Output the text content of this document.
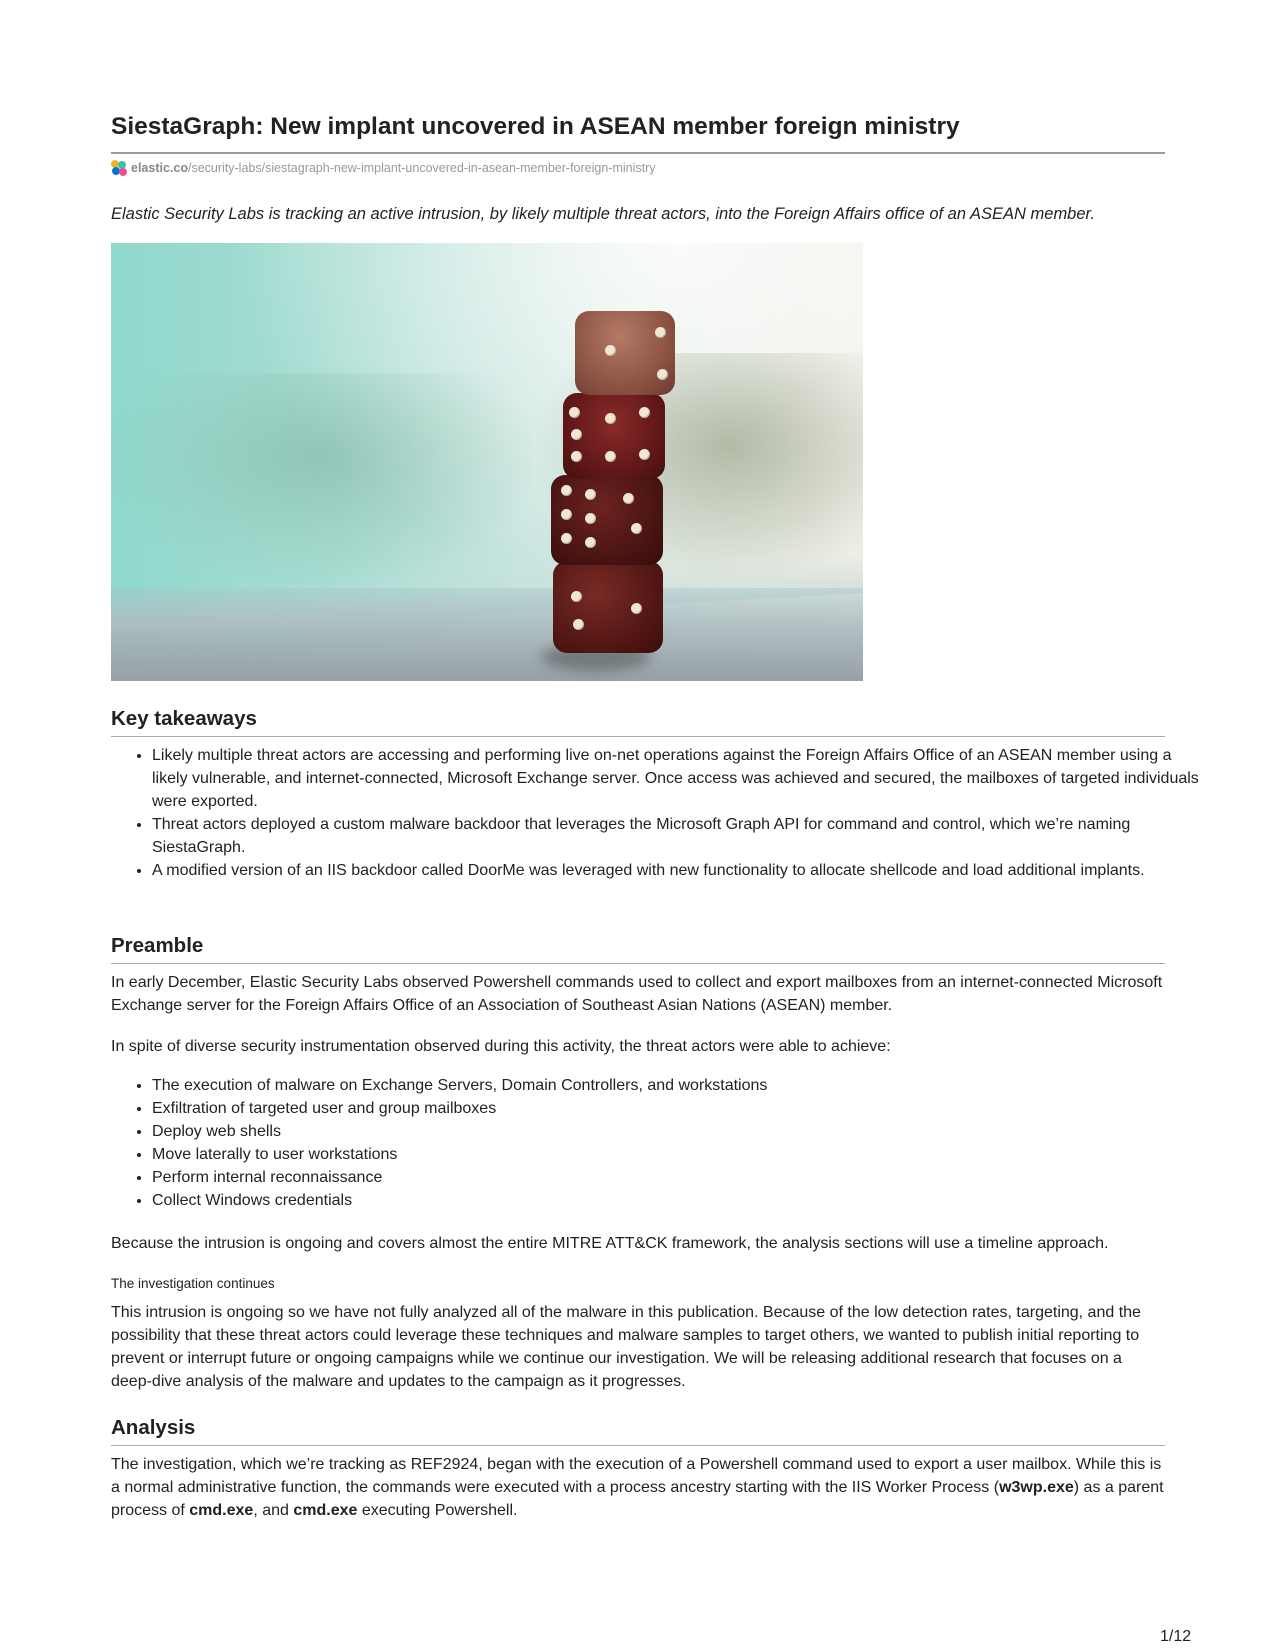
SiestaGraph: New implant uncovered in ASEAN member foreign ministry
elastic.co /security-labs/siestagraph-new-implant-uncovered-in-asean-member-foreign-ministry

Elastic Security Labs is tracking an active intrusion, by likely multiple threat actors, into the Foreign Affairs office of an ASEAN member.

Key takeaways
• Likely multiple threat actors are accessing and performing live on-net operations against the Foreign Affairs Office of an ASEAN member using a likely vulnerable, and internet-connected, Microsoft Exchange server. Once access was achieved and secured, the mailboxes of targeted individuals were exported.
• Threat actors deployed a custom malware backdoor that leverages the Microsoft Graph API for command and control, which we’re naming SiestaGraph.
• A modified version of an IIS backdoor called DoorMe was leveraged with new functionality to allocate shellcode and load additional implants.
Preamble

In early December, Elastic Security Labs observed Powershell commands used to collect and export mailboxes from an internet-connected Microsoft Exchange server for the Foreign Affairs Office of an Association of Southeast Asian Nations (ASEAN) member.

In spite of diverse security instrumentation observed during this activity, the threat actors were able to achieve:

• The execution of malware on Exchange Servers, Domain Controllers, and workstations
• Exfiltration of targeted user and group mailboxes
• Deploy web shells
• Move laterally to user workstations
• Perform internal reconnaissance
• Collect Windows credentials

Because the intrusion is ongoing and covers almost the entire MITRE ATT&CK framework, the analysis sections will use a timeline approach.

The investigation continues

This intrusion is ongoing so we have not fully analyzed all of the malware in this publication. Because of the low detection rates, targeting, and the possibility that these threat actors could leverage these techniques and malware samples to target others, we wanted to publish initial reporting to prevent or interrupt future or ongoing campaigns while we continue our investigation. We will be releasing additional research that focuses on a deep-dive analysis of the malware and updates to the campaign as it progresses.

Analysis

The investigation, which we’re tracking as REF2924, began with the execution of a Powershell command used to export a user mailbox. While this is a normal administrative function, the commands were executed with a process ancestry starting with the IIS Worker Process (w3wp.exe) as a parent process of cmd.exe, and cmd.exe executing Powershell.

1/12
